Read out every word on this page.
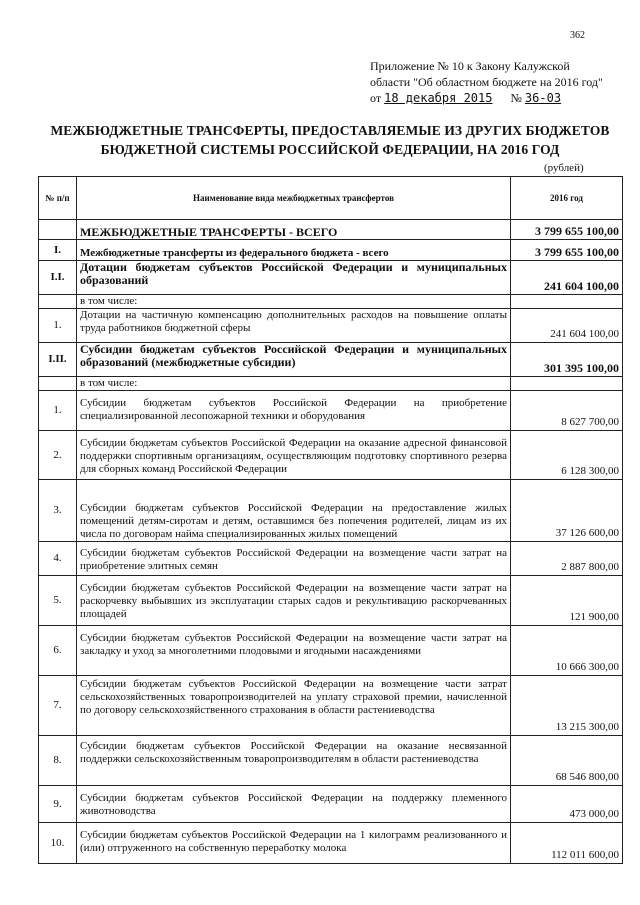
362
Приложение № 10 к Закону Калужской
области "Об областном бюджете на 2016 год"
от 18 декабря 2015 № 36-03
МЕЖБЮДЖЕТНЫЕ ТРАНСФЕРТЫ, ПРЕДОСТАВЛЯЕМЫЕ ИЗ ДРУГИХ БЮДЖЕТОВ
БЮДЖЕТНОЙ СИСТЕМЫ РОССИЙСКОЙ ФЕДЕРАЦИИ, НА 2016 ГОД
(рублей)
№ п/п	Наименование вида межбюджетных трансфертов	2016 год
	МЕЖБЮДЖЕТНЫЕ ТРАНСФЕРТЫ - ВСЕГО	3 799 655 100,00
I.	Межбюджетные трансферты из федерального бюджета - всего	3 799 655 100,00
I.I.	Дотации бюджетам субъектов Российской Федерации и муниципальных образований	241 604 100,00
	в том числе:	
1.	Дотации на частичную компенсацию дополнительных расходов на повышение оплаты труда работников бюджетной сферы	241 604 100,00
I.II.	Субсидии бюджетам субъектов Российской Федерации и муниципальных образований (межбюджетные субсидии)	301 395 100,00
	в том числе:	
1.	Субсидии бюджетам субъектов Российской Федерации на приобретение специализированной лесопожарной техники и оборудования	8 627 700,00
2.	Субсидии бюджетам субъектов Российской Федерации на оказание адресной финансовой поддержки спортивным организациям, осуществляющим подготовку спортивного резерва для сборных команд Российской Федерации	6 128 300,00
3.	Субсидии бюджетам субъектов Российской Федерации на предоставление жилых помещений детям-сиротам и детям, оставшимся без попечения родителей, лицам из их числа по договорам найма специализированных жилых помещений	37 126 600,00
4.	Субсидии бюджетам субъектов Российской Федерации на возмещение части затрат на приобретение элитных семян	2 887 800,00
5.	Субсидии бюджетам субъектов Российской Федерации на возмещение части затрат на раскорчевку выбывших из эксплуатации старых садов и рекультивацию раскорчеванных площадей	121 900,00
6.	Субсидии бюджетам субъектов Российской Федерации на возмещение части затрат на закладку и уход за многолетними плодовыми и ягодными насаждениями	10 666 300,00
7.	Субсидии бюджетам субъектов Российской Федерации на возмещение части затрат сельскохозяйственных товаропроизводителей на уплату страховой премии, начисленной по договору сельскохозяйственного страхования в области растениеводства	13 215 300,00
8.	Субсидии бюджетам субъектов Российской Федерации на оказание несвязанной поддержки сельскохозяйственным товаропроизводителям в области растениеводства	68 546 800,00
9.	Субсидии бюджетам субъектов Российской Федерации на поддержку племенного животноводства	473 000,00
10.	Субсидии бюджетам субъектов Российской Федерации на 1 килограмм реализованного и (или) отгруженного на собственную переработку молока	112 011 600,00
